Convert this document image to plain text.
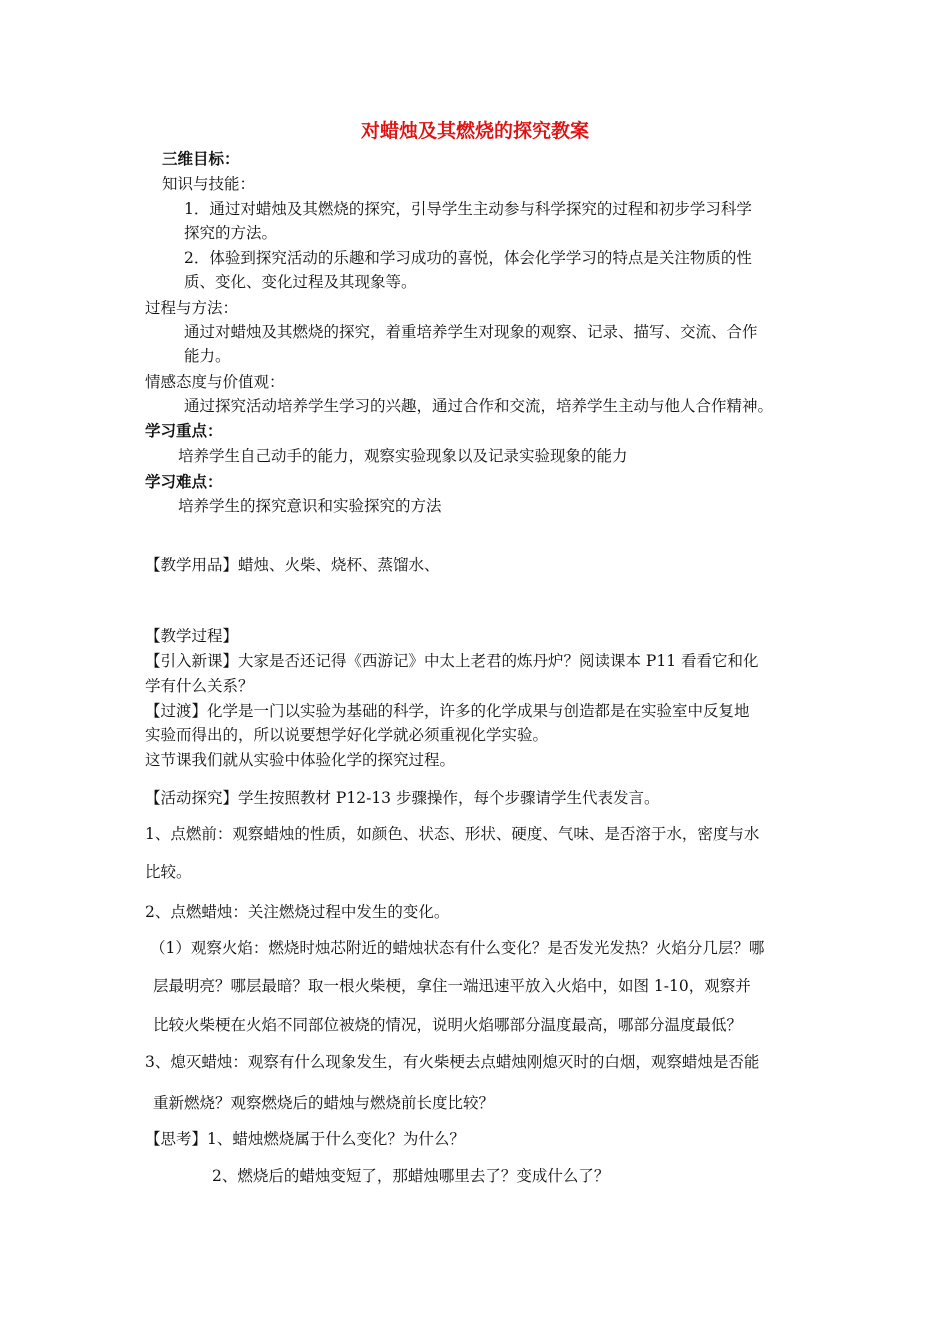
对蜡烛及其燃烧的探究教案
三维目标：
知识与技能：
1．通过对蜡烛及其燃烧的探究，引导学生主动参与科学探究的过程和初步学习科学
探究的方法。
2．体验到探究活动的乐趣和学习成功的喜悦，体会化学学习的特点是关注物质的性
质、变化、变化过程及其现象等。
过程与方法：
通过对蜡烛及其燃烧的探究，着重培养学生对现象的观察、记录、描写、交流、合作
能力。
情感态度与价值观：
通过探究活动培养学生学习的兴趣，通过合作和交流，培养学生主动与他人合作精神。
学习重点：
培养学生自己动手的能力，观察实验现象以及记录实验现象的能力
学习难点：
培养学生的探究意识和实验探究的方法
【教学用品】蜡烛、火柴、烧杯、蒸馏水、
【教学过程】
【引入新课】大家是否还记得《西游记》中太上老君的炼丹炉？阅读课本 P11 看看它和化
学有什么关系？
【过渡】化学是一门以实验为基础的科学，许多的化学成果与创造都是在实验室中反复地
实验而得出的，所以说要想学好化学就必须重视化学实验。
这节课我们就从实验中体验化学的探究过程。
【活动探究】学生按照教材 P12-13 步骤操作，每个步骤请学生代表发言。
1、点燃前：观察蜡烛的性质，如颜色、状态、形状、硬度、气味、是否溶于水，密度与水
比较。
2、点燃蜡烛：关注燃烧过程中发生的变化。
（1）观察火焰：燃烧时烛芯附近的蜡烛状态有什么变化？是否发光发热？火焰分几层？哪
层最明亮？哪层最暗？取一根火柴梗，拿住一端迅速平放入火焰中，如图 1-10，观察并
比较火柴梗在火焰不同部位被烧的情况，说明火焰哪部分温度最高，哪部分温度最低？
3、熄灭蜡烛：观察有什么现象发生，有火柴梗去点蜡烛刚熄灭时的白烟，观察蜡烛是否能
重新燃烧？观察燃烧后的蜡烛与燃烧前长度比较？
【思考】1、蜡烛燃烧属于什么变化？为什么？
2、燃烧后的蜡烛变短了，那蜡烛哪里去了？变成什么了？
